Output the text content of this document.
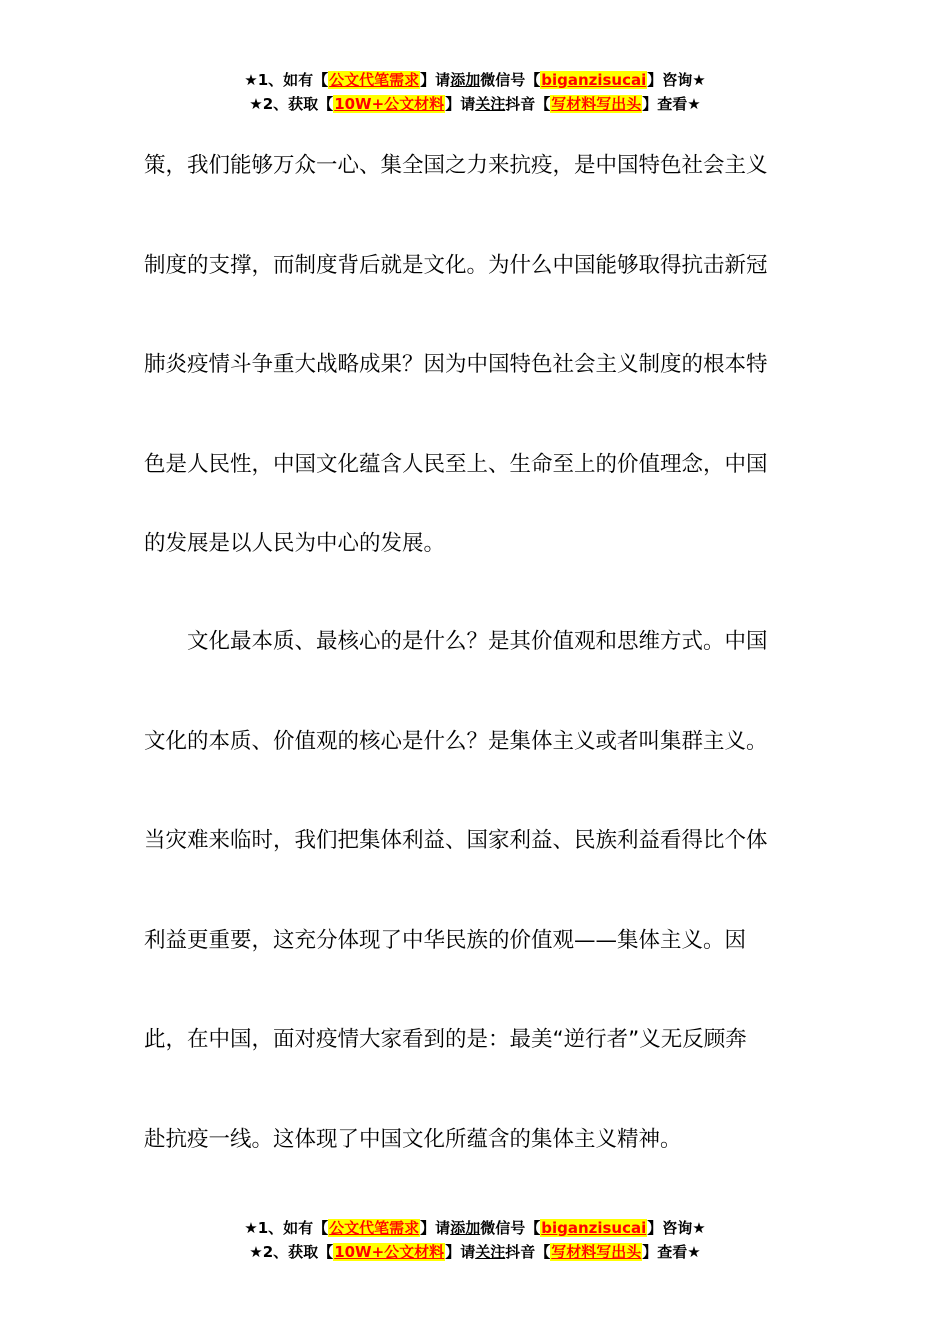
★1、如有【公文代笔需求】请添加微信号【biganzisucai】咨询★
★2、获取【10W+公文材料】请关注抖音【写材料写出头】查看★
策，我们能够万众一心、集全国之力来抗疫，是中国特色社会主义
制度的支撑，而制度背后就是文化。为什么中国能够取得抗击新冠
肺炎疫情斗争重大战略成果？因为中国特色社会主义制度的根本特
色是人民性，中国文化蕴含人民至上、生命至上的价值理念，中国
的发展是以人民为中心的发展。
文化最本质、最核心的是什么？是其价值观和思维方式。中国
文化的本质、价值观的核心是什么？是集体主义或者叫集群主义。
当灾难来临时，我们把集体利益、国家利益、民族利益看得比个体
利益更重要，这充分体现了中华民族的价值观——集体主义。因
此，在中国，面对疫情大家看到的是：最美“逆行者”义无反顾奔
赴抗疫一线。这体现了中国文化所蕴含的集体主义精神。
★1、如有【公文代笔需求】请添加微信号【biganzisucai】咨询★
★2、获取【10W+公文材料】请关注抖音【写材料写出头】查看★
